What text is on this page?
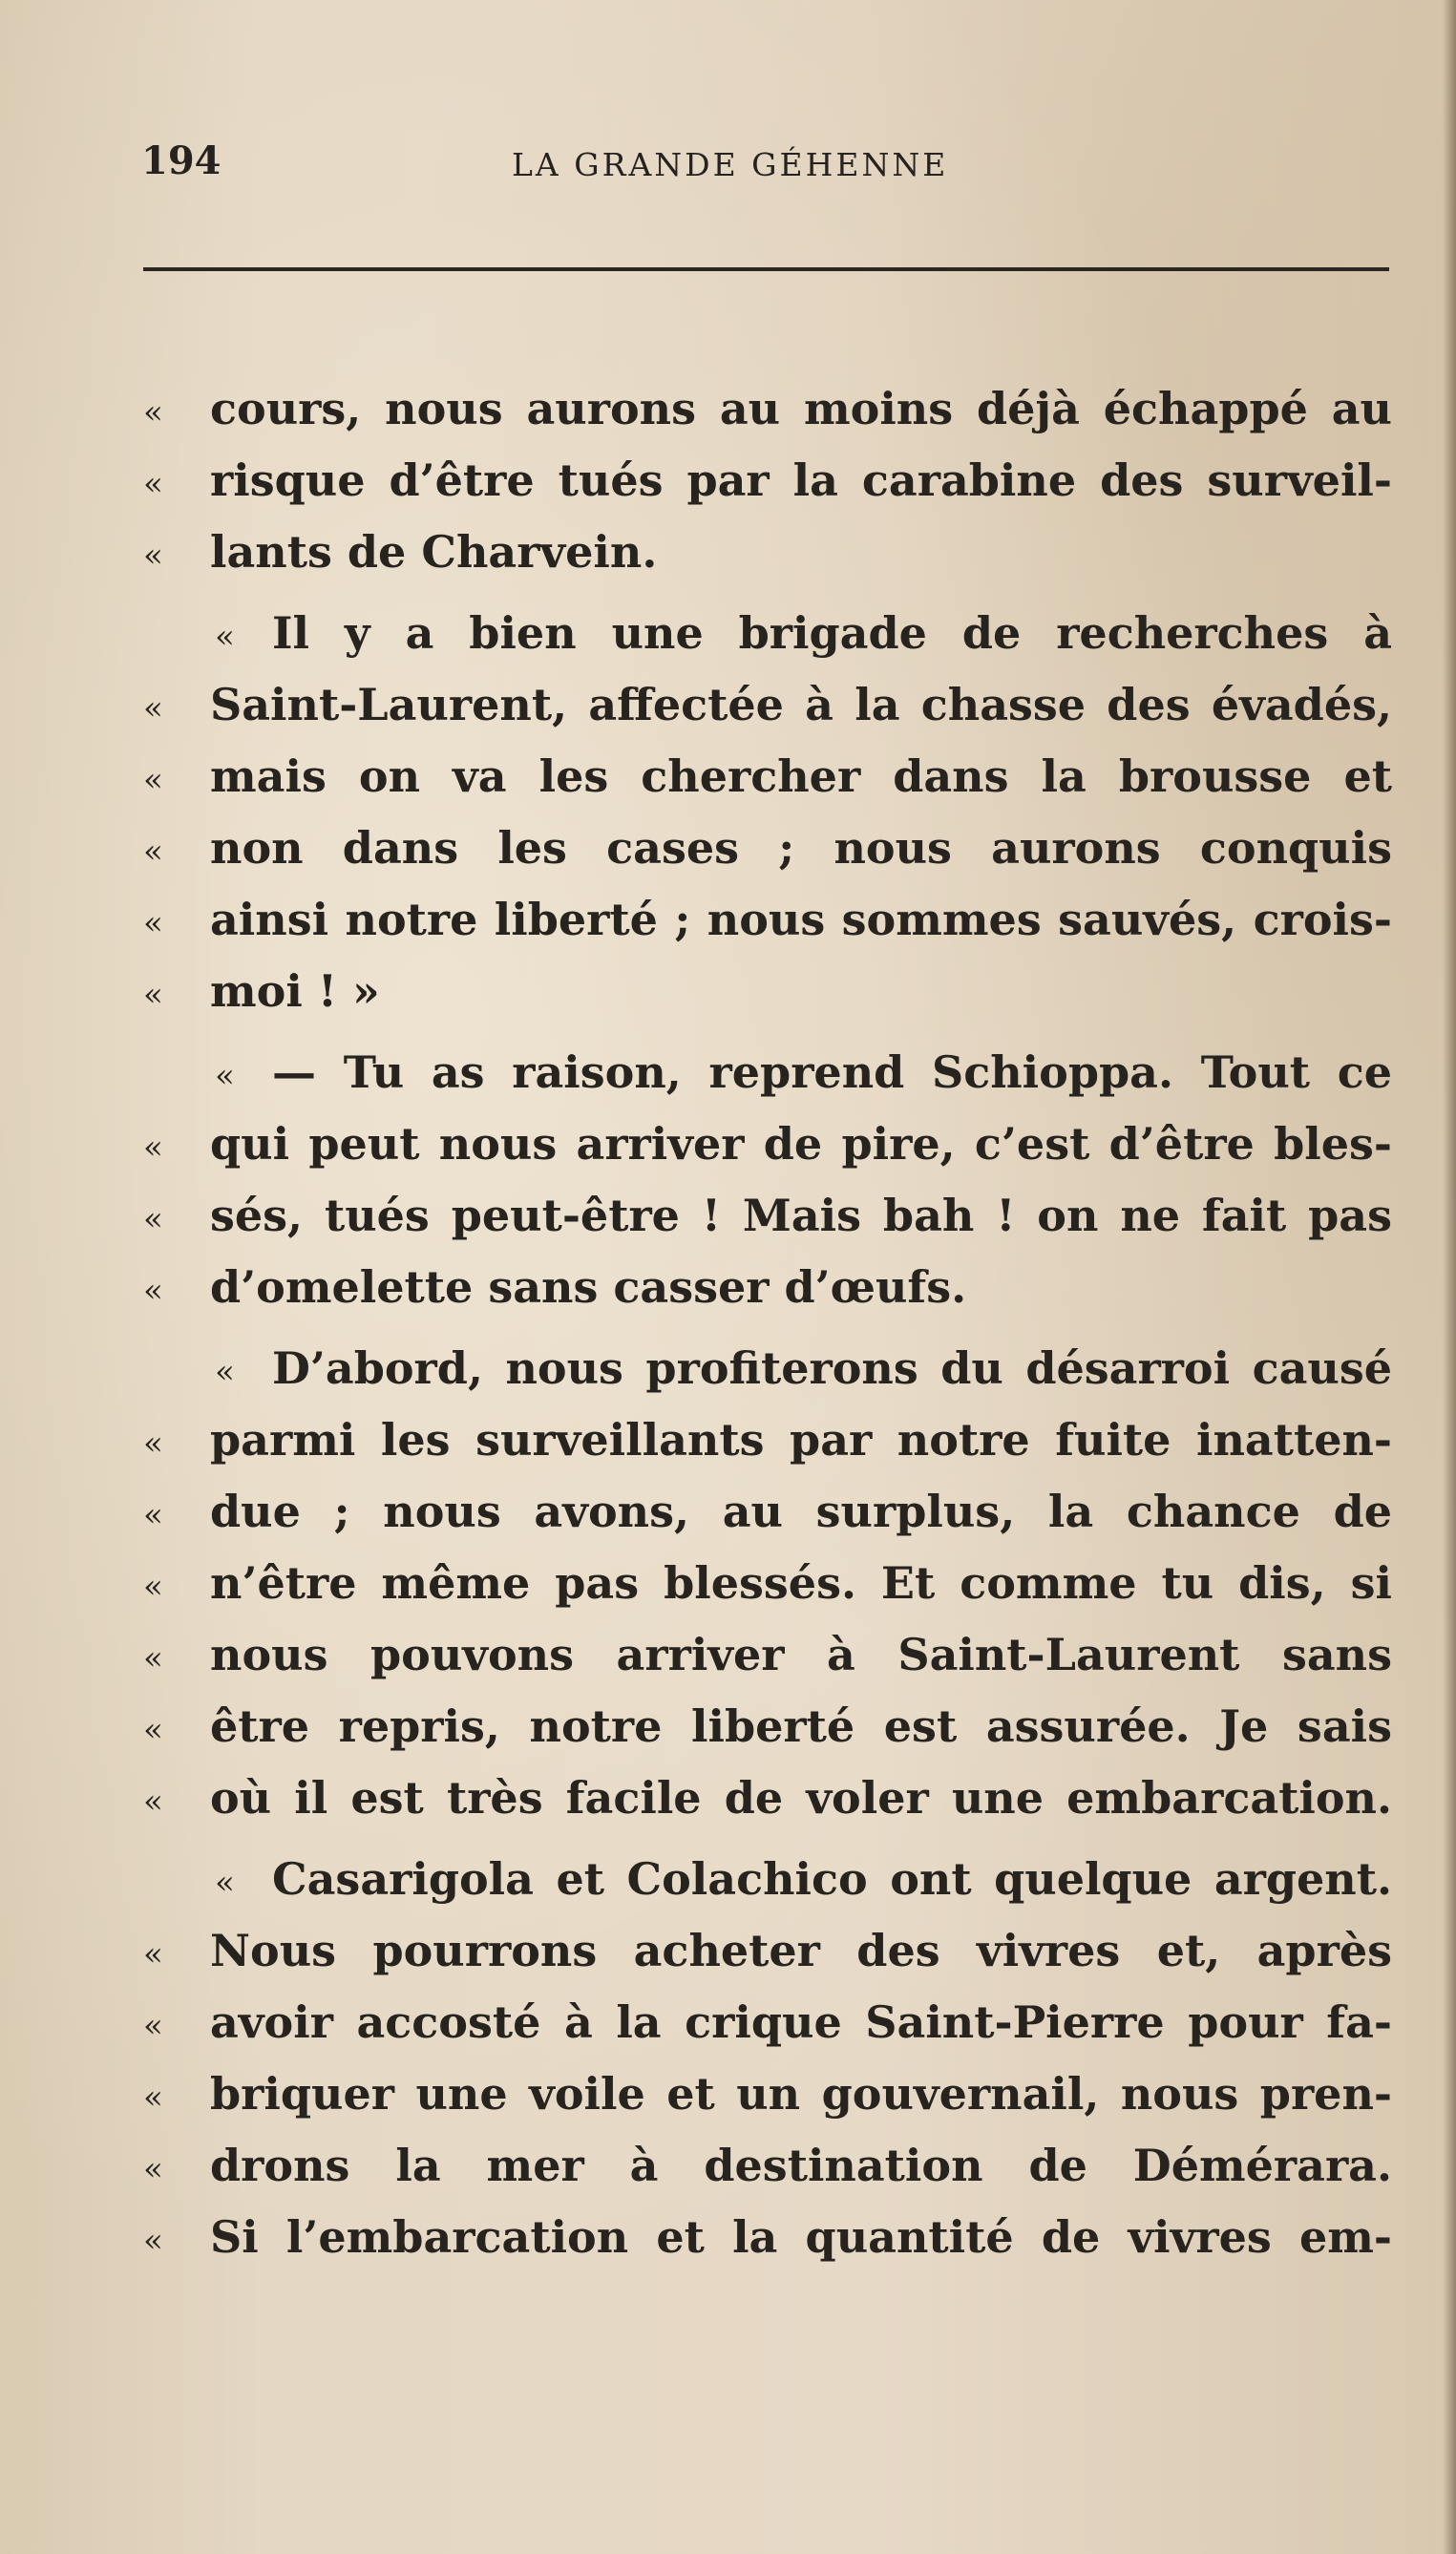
194	LA GRANDE GÉHENNE
« cours, nous aurons au moins déjà échappé au
« risque d’être tués par la carabine des surveil-
« lants de Charvein.
« Il y a bien une brigade de recherches à
« Saint-Laurent, affectée à la chasse des évadés,
« mais on va les chercher dans la brousse et
« non dans les cases ; nous aurons conquis
« ainsi notre liberté ; nous sommes sauvés, crois-
« moi ! »
« — Tu as raison, reprend Schioppa. Tout ce
« qui peut nous arriver de pire, c’est d’être bles-
« sés, tués peut-être ! Mais bah ! on ne fait pas
« d’omelette sans casser d’œufs.
« D’abord, nous profiterons du désarroi causé
« parmi les surveillants par notre fuite inatten-
« due ; nous avons, au surplus, la chance de
« n’être même pas blessés. Et comme tu dis, si
« nous pouvons arriver à Saint-Laurent sans
« être repris, notre liberté est assurée. Je sais
« où il est très facile de voler une embarcation.
« Casarigola et Colachico ont quelque argent.
« Nous pourrons acheter des vivres et, après
« avoir accosté à la crique Saint-Pierre pour fa-
« briquer une voile et un gouvernail, nous pren-
« drons la mer à destination de Démérara.
« Si l’embarcation et la quantité de vivres em-
